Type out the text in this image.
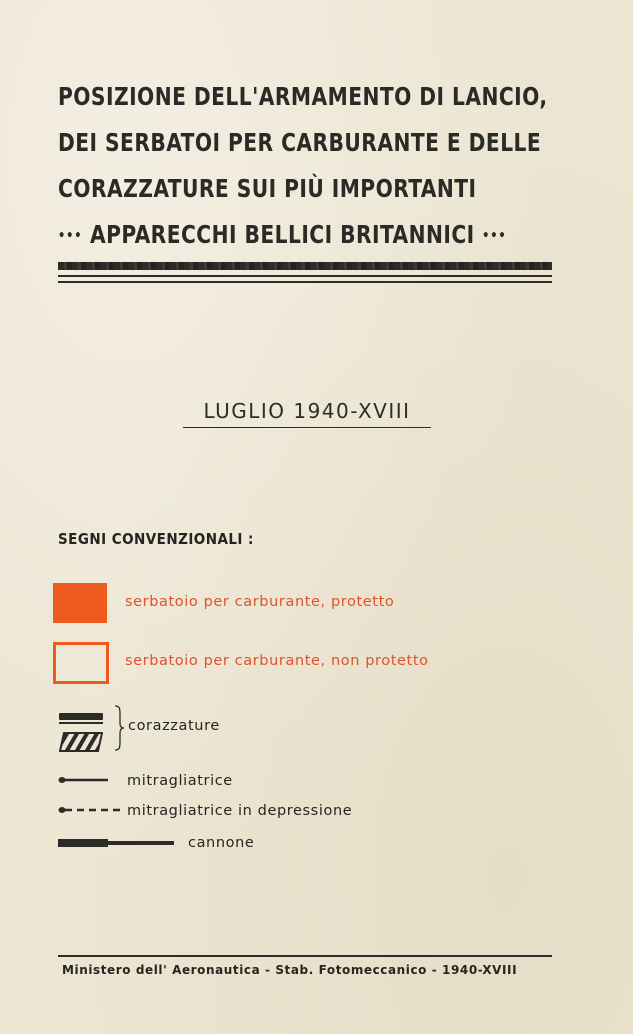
POSIZIONE DELL'ARMAMENTO DI LANCIO,
DEI SERBATOI PER CARBURANTE E DELLE
CORAZZATURE SUI PIÙ IMPORTANTI
••• APPARECCHI BELLICI BRITANNICI •••
LUGLIO 1940-XVIII
SEGNI CONVENZIONALI :
serbatoio per carburante, protetto
serbatoio per carburante, non protetto
corazzature
mitragliatrice
mitragliatrice in depressione
cannone
Ministero dell' Aeronautica - Stab. Fotomeccanico - 1940-XVIII
